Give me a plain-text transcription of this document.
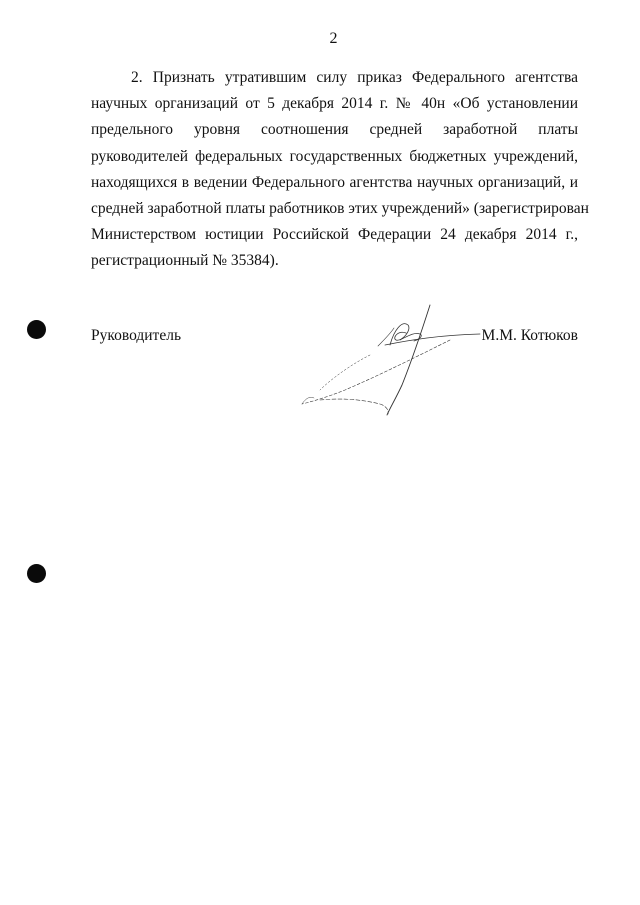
2
2. Признать утратившим силу приказ Федерального агентства
научных организаций от 5 декабря 2014 г. № 40н «Об установлении
предельного уровня соотношения средней заработной платы
руководителей федеральных государственных бюджетных учреждений,
находящихся в ведении Федерального агентства научных организаций, и
средней заработной платы работников этих учреждений» (зарегистрирован
Министерством юстиции Российской Федерации 24 декабря 2014 г.,
регистрационный № 35384).
Руководитель	М.М. Котюков
